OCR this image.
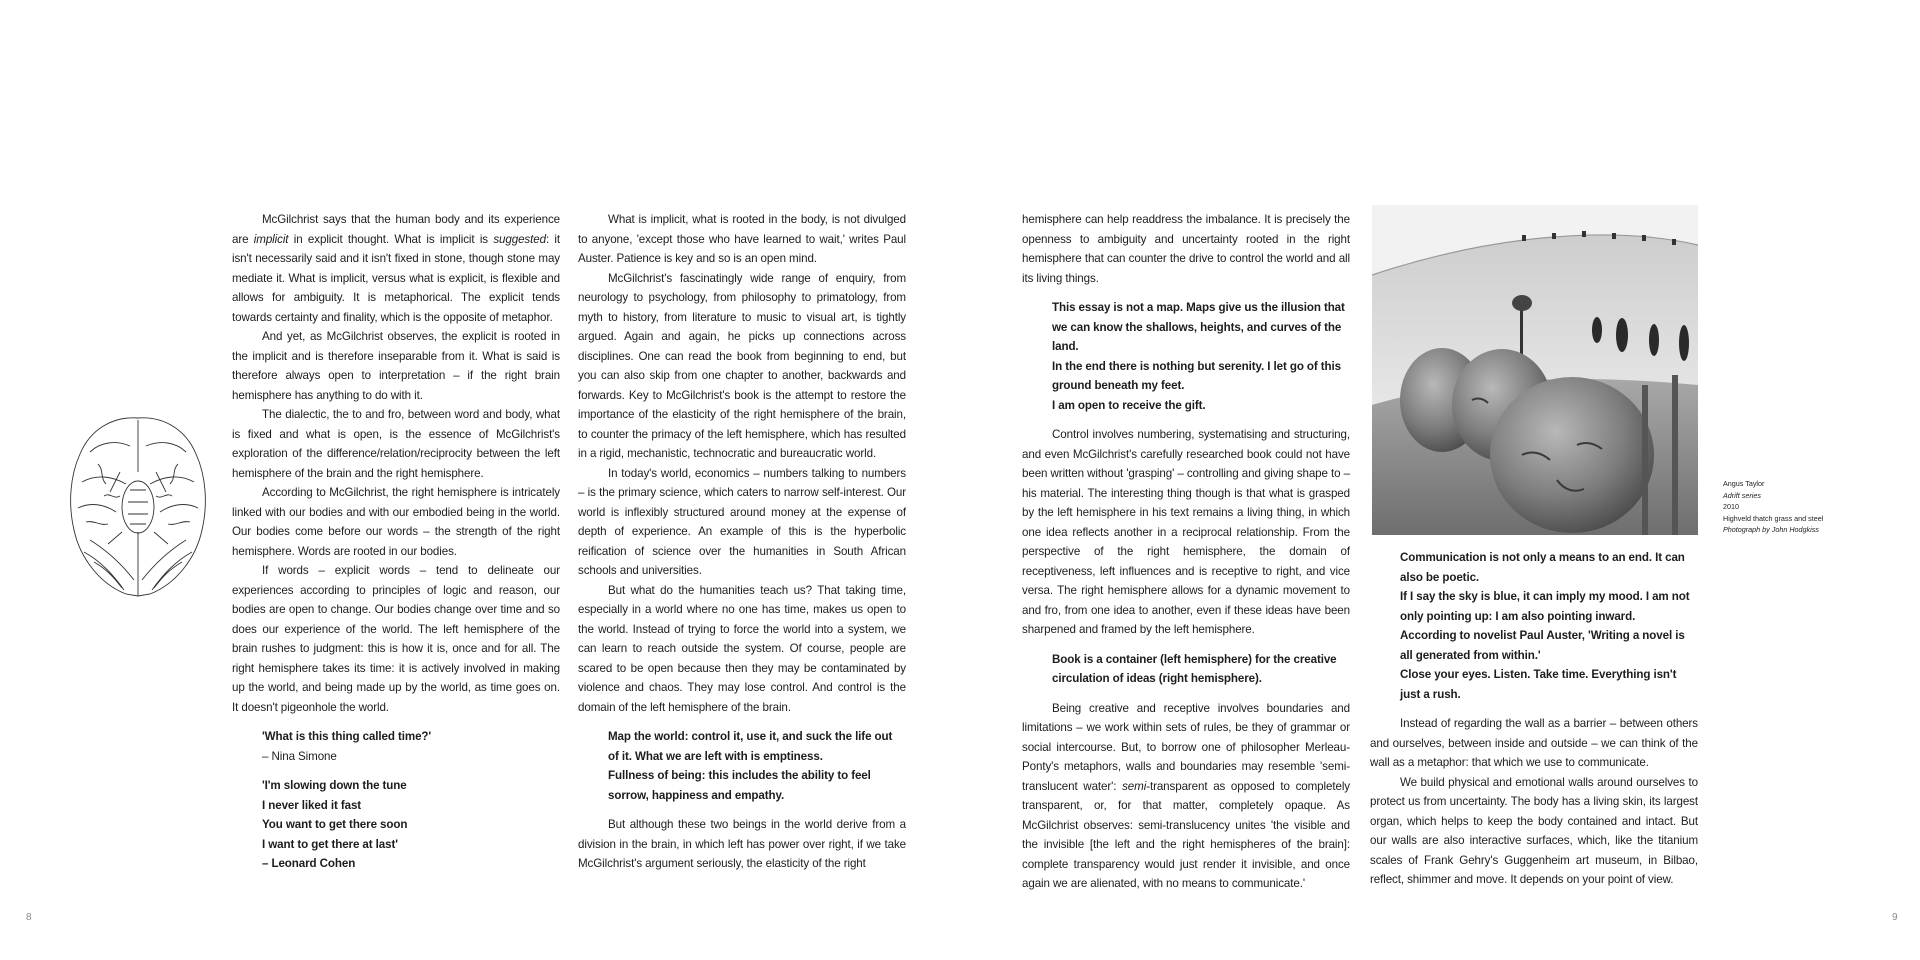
McGilchrist says that the human body and its experience are implicit in explicit thought. What is implicit is suggested: it isn't necessarily said and it isn't fixed in stone, though stone may mediate it. What is implicit, versus what is explicit, is flexible and allows for ambiguity. It is metaphorical. The explicit tends towards certainty and finality, which is the opposite of metaphor.

And yet, as McGilchrist observes, the explicit is rooted in the implicit and is therefore inseparable from it. What is said is therefore always open to interpretation – if the right brain hemisphere has anything to do with it.

The dialectic, the to and fro, between word and body, what is fixed and what is open, is the essence of McGilchrist's exploration of the difference/relation/reciprocity between the left hemisphere of the brain and the right hemisphere.

According to McGilchrist, the right hemisphere is intricately linked with our bodies and with our embodied being in the world. Our bodies come before our words – the strength of the right hemisphere. Words are rooted in our bodies.

If words – explicit words – tend to delineate our experiences according to principles of logic and reason, our bodies are open to change. Our bodies change over time and so does our experience of the world. The left hemisphere of the brain rushes to judgment: this is how it is, once and for all. The right hemisphere takes its time: it is actively involved in making up the world, and being made up by the world, as time goes on. It doesn't pigeonhole the world.

'What is this thing called time?'
– Nina Simone
'I'm slowing down the tune
I never liked it fast
You want to get there soon
I want to get there at last'
– Leonard Cohen

What is implicit, what is rooted in the body, is not divulged to anyone, 'except those who have learned to wait,' writes Paul Auster. Patience is key and so is an open mind.

McGilchrist's fascinatingly wide range of enquiry, from neurology to psychology, from philosophy to primatology, from myth to history, from literature to music to visual art, is tightly argued. Again and again, he picks up connections across disciplines. One can read the book from beginning to end, but you can also skip from one chapter to another, backwards and forwards. Key to McGilchrist's book is the attempt to restore the importance of the elasticity of the right hemisphere of the brain, to counter the primacy of the left hemisphere, which has resulted in a rigid, mechanistic, technocratic and bureaucratic world.

In today's world, economics – numbers talking to numbers – is the primary science, which caters to narrow self-interest. Our world is inflexibly structured around money at the expense of depth of experience. An example of this is the hyperbolic reification of science over the humanities in South African schools and universities.

But what do the humanities teach us? That taking time, especially in a world where no one has time, makes us open to the world. Instead of trying to force the world into a system, we can learn to reach outside the system. Of course, people are scared to be open because then they may be contaminated by violence and chaos. They may lose control. And control is the domain of the left hemisphere of the brain.

Map the world: control it, use it, and suck the life out of it. What we are left with is emptiness.
Fullness of being: this includes the ability to feel sorrow, happiness and empathy.

But although these two beings in the world derive from a division in the brain, in which left has power over right, if we take McGilchrist's argument seriously, the elasticity of the right

hemisphere can help readdress the imbalance. It is precisely the openness to ambiguity and uncertainty rooted in the right hemisphere that can counter the drive to control the world and all its living things.

This essay is not a map. Maps give us the illusion that we can know the shallows, heights, and curves of the land.
In the end there is nothing but serenity. I let go of this ground beneath my feet.
I am open to receive the gift.

Control involves numbering, systematising and structuring, and even McGilchrist's carefully researched book could not have been written without 'grasping' – controlling and giving shape to – his material. The interesting thing though is that what is grasped by the left hemisphere in his text remains a living thing, in which one idea reflects another in a reciprocal relationship. From the perspective of the right hemisphere, the domain of receptiveness, left influences and is receptive to right, and vice versa. The right hemisphere allows for a dynamic movement to and fro, from one idea to another, even if these ideas have been sharpened and framed by the left hemisphere.

Book is a container (left hemisphere) for the creative circulation of ideas (right hemisphere).

Being creative and receptive involves boundaries and limitations – we work within sets of rules, be they of grammar or social intercourse. But, to borrow one of philosopher Merleau-Ponty's metaphors, walls and boundaries may resemble 'semi-translucent water': semi-transparent as opposed to completely transparent, or, for that matter, completely opaque. As McGilchrist observes: semi-translucency unites 'the visible and the invisible [the left and the right hemispheres of the brain]: complete transparency would just render it invisible, and once again we are alienated, with no means to communicate.'

Angus Taylor
Adrift series
2010
Highveld thatch grass and steel
Photograph by John Hodgkiss
Communication is not only a means to an end. It can also be poetic.
If I say the sky is blue, it can imply my mood. I am not only pointing up: I am also pointing inward.
According to novelist Paul Auster, 'Writing a novel is all generated from within.'
Close your eyes. Listen. Take time. Everything isn't just a rush.

Instead of regarding the wall as a barrier – between others and ourselves, between inside and outside – we can think of the wall as a metaphor: that which we use to communicate.

We build physical and emotional walls around ourselves to protect us from uncertainty. The body has a living skin, its largest organ, which helps to keep the body contained and intact. But our walls are also interactive surfaces, which, like the titanium scales of Frank Gehry's Guggenheim art museum, in Bilbao, reflect, shimmer and move. It depends on your point of view.

8	9
